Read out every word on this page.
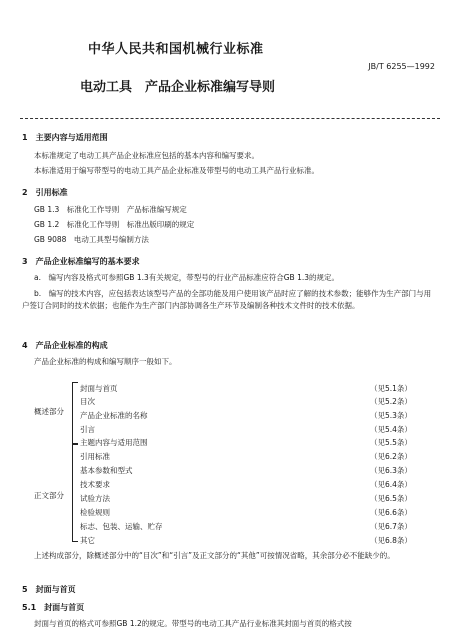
中华人民共和国机械行业标准
JB/T 6255—1992
电动工具　产品企业标准编写导则
1　主要内容与适用范围
本标准规定了电动工具产品企业标准应包括的基本内容和编写要求。
本标准适用于编写带型号的电动工具产品企业标准及带型号的电动工具产品行业标准。
2　引用标准
GB 1.3　标准化工作导则　产品标准编写规定
GB 1.2　标准化工作导则　标准出版印刷的规定
GB 9088　电动工具型号编制方法
3　产品企业标准编写的基本要求
a.　编写内容及格式可参照GB 1.3有关规定，带型号的行业产品标准应符合GB 1.3的规定。
b.　编写的技术内容，应包括表达该型号产品的全部功能及用户使用该产品时应了解的技术参数；能够作为生产部门与用户签订合同时的技术依据；也能作为生产部门内部协调各生产环节及编制各种技术文件时的技术依据。
4　产品企业标准的构成
产品企业标准的构成和编写顺序一般如下。
概述部分
正文部分
封面与首页	（见5.1条）
目次	（见5.2条）
产品企业标准的名称	（见5.3条）
引言	（见5.4条）
主题内容与适用范围	（见5.5条）
引用标准	（见6.2条）
基本参数和型式	（见6.3条）
技术要求	（见6.4条）
试验方法	（见6.5条）
检验规则	（见6.6条）
标志、包装、运输、贮存	（见6.7条）
其它	（见6.8条）
上述构成部分，除概述部分中的“目次”和“引言”及正文部分的“其他”可按情况省略，其余部分必不能缺少的。
5　封面与首页
5.1　封面与首页
封面与首页的格式可参照GB 1.2的规定。带型号的电动工具产品行业标准其封面与首页的格式按
